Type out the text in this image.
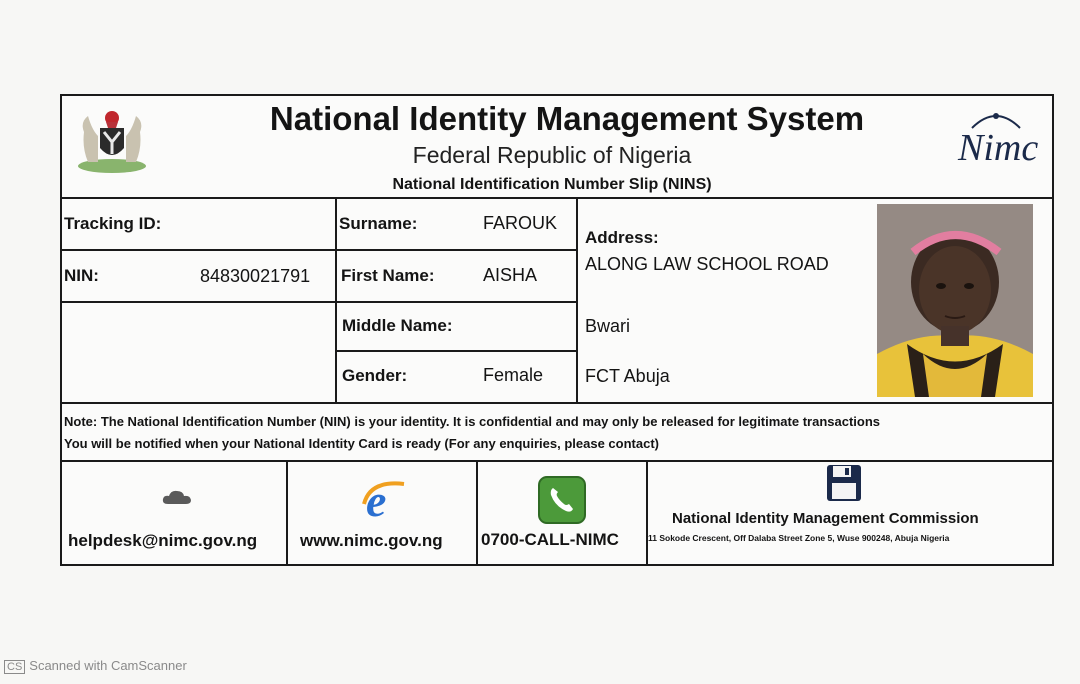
National Identity Management System
Federal Republic of Nigeria
National Identification Number Slip (NINS)
Nimc
Tracking ID:
NIN:	84830021791
Surname:	FAROUK
First Name:	AISHA
Middle Name:
Gender:	Female
Address:
ALONG LAW SCHOOL ROAD
Bwari
FCT Abuja
Note: The National Identification Number (NIN) is your identity. It is confidential and may only be released for legitimate transactions
You will be notified when your National Identity Card is ready (For any enquiries, please contact)
e
helpdesk@nimc.gov.ng	www.nimc.gov.ng 0700-CALL-NIMC
National Identity Management Commission
11 Sokode Crescent, Off Dalaba Street Zone 5, Wuse 900248, Abuja Nigeria
CS Scanned with CamScanner
